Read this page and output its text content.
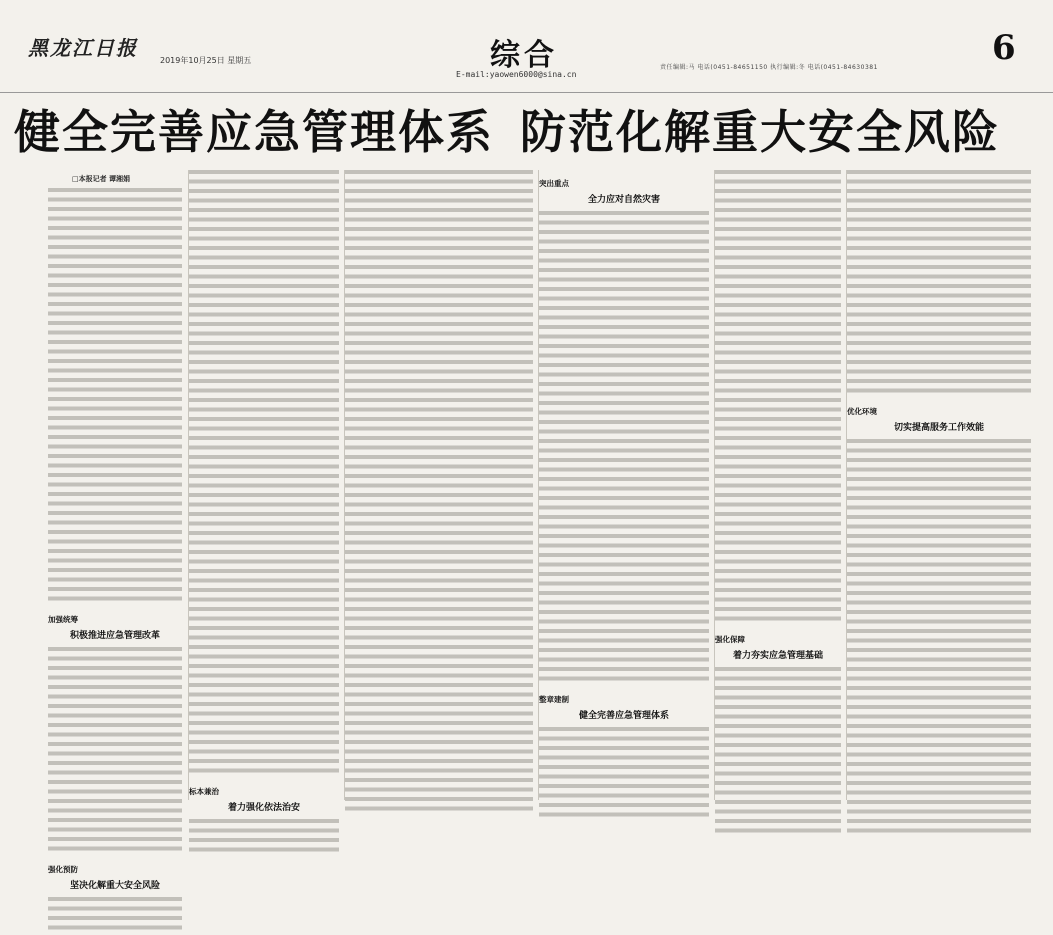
黑龙江日报
2019年10月25日 星期五	综合
E-mail:yaowen6000@sina.cn
责任编辑:马 电话(0451-84651150 执行编辑:冬 电话(0451-84630381	6
健全完善应急管理体系 防范化解重大安全风险
□本报记者 谭湘娟
加强统筹
积极推进应急管理改革
强化预防
坚决化解重大安全风险
标本兼治
着力强化依法治安
突出重点
全力应对自然灾害
整章建制
健全完善应急管理体系
强化保障
着力夯实应急管理基础
优化环境
切实提高服务工作效能
